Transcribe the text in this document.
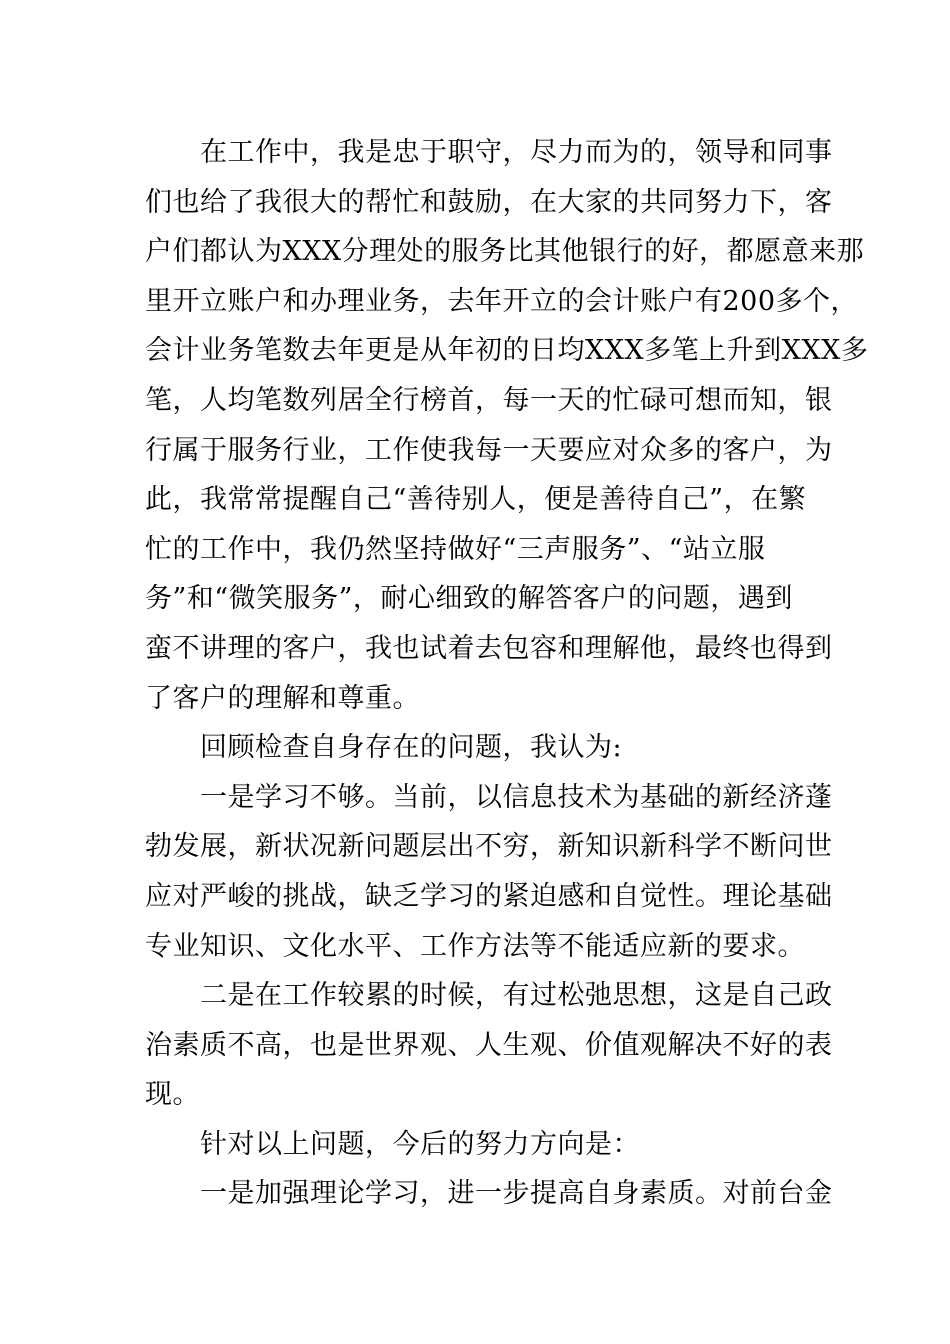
在工作中，我是忠于职守，尽力而为的，领导和同事
们也给了我很大的帮忙和鼓励，在大家的共同努力下，客
户们都认为XXX分理处的服务比其他银行的好，都愿意来那
里开立账户和办理业务，去年开立的会计账户有200多个，
会计业务笔数去年更是从年初的日均XXX多笔上升到XXX多
笔，人均笔数列居全行榜首，每一天的忙碌可想而知，银
行属于服务行业，工作使我每一天要应对众多的客户，为
此，我常常提醒自己“善待别人，便是善待自己”，在繁
忙的工作中，我仍然坚持做好“三声服务”、“站立服
务”和“微笑服务”，耐心细致的解答客户的问题，遇到
蛮不讲理的客户，我也试着去包容和理解他，最终也得到
了客户的理解和尊重。
回顾检查自身存在的问题，我认为:
一是学习不够。当前，以信息技术为基础的新经济蓬
勃发展，新状况新问题层出不穷，新知识新科学不断问世
应对严峻的挑战，缺乏学习的紧迫感和自觉性。理论基础
专业知识、文化水平、工作方法等不能适应新的要求。
二是在工作较累的时候，有过松弛思想，这是自己政
治素质不高，也是世界观、人生观、价值观解决不好的表
现。
针对以上问题，今后的努力方向是：
一是加强理论学习，进一步提高自身素质。对前台金
